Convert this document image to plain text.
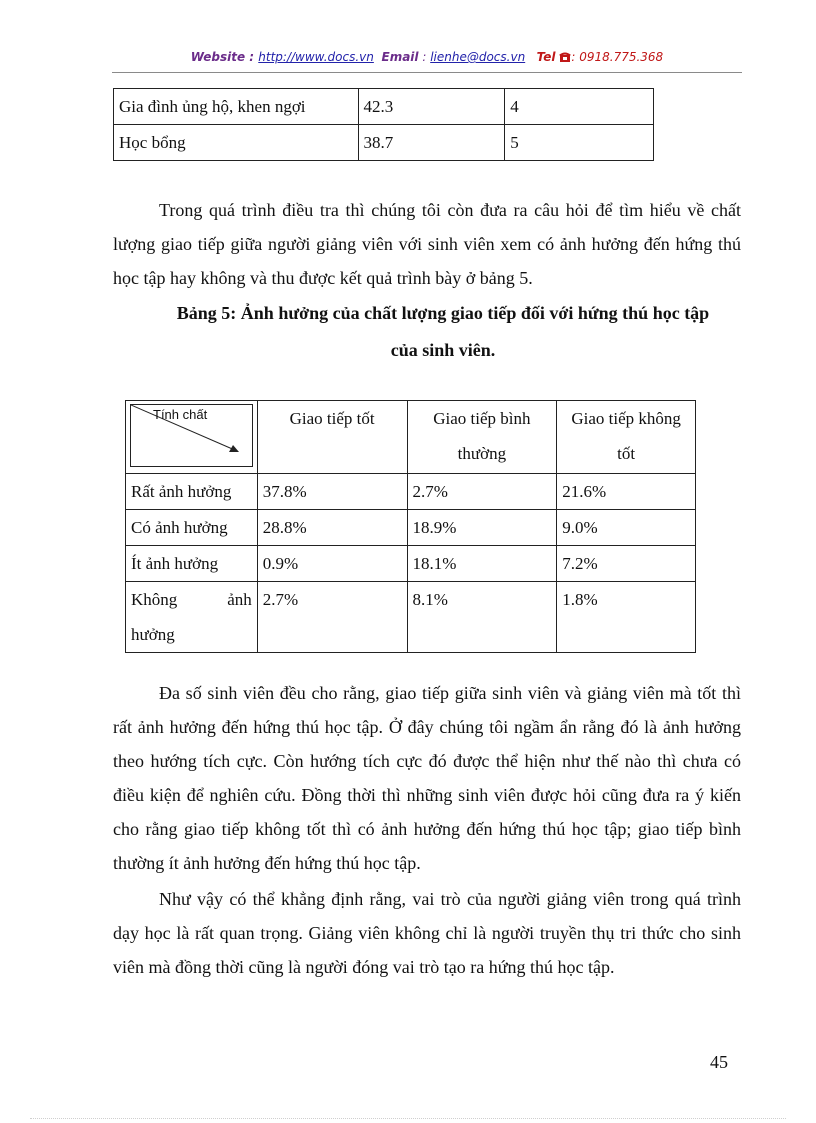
Website : http://www.docs.vn Email : lienhe@docs.vn Tel : 0918.775.368
Gia đình ủng hộ, khen ngợi	42.3	4
Học bổng	38.7	5
Trong quá trình điều tra thì chúng tôi còn đưa ra câu hỏi để tìm hiểu về chất lượng giao tiếp giữa người giảng viên với sinh viên xem có ảnh hưởng đến hứng thú học tập hay không và thu được kết quả trình bày ở bảng 5.
Bảng 5: Ảnh hưởng của chất lượng giao tiếp đối với hứng thú học tập
của sinh viên.
Tính chất	Giao tiếp tốt	Giao tiếp bình thường	Giao tiếp không tốt
Rất ảnh hưởng	37.8%	2.7%	21.6%
Có ảnh hưởng	28.8%	18.9%	9.0%
Ít ảnh hưởng	0.9%	18.1%	7.2%
Không ảnh hưởng	2.7%	8.1%	1.8%
Đa số sinh viên đều cho rằng, giao tiếp giữa sinh viên và giảng viên mà tốt thì rất ảnh hưởng đến hứng thú học tập. Ở đây chúng tôi ngầm ẩn rằng đó là ảnh hưởng theo hướng tích cực. Còn hướng tích cực đó được thể hiện như thế nào thì chưa có điều kiện để nghiên cứu. Đồng thời thì những sinh viên được hỏi cũng đưa ra ý kiến cho rằng giao tiếp không tốt thì có ảnh hưởng đến hứng thú học tập; giao tiếp bình thường ít ảnh hưởng đến hứng thú học tập.
Như vậy có thể khẳng định rằng, vai trò của người giảng viên trong quá trình dạy học là rất quan trọng. Giảng viên không chỉ là người truyền thụ tri thức cho sinh viên mà đồng thời cũng là người đóng vai trò tạo ra hứng thú học tập.
45
